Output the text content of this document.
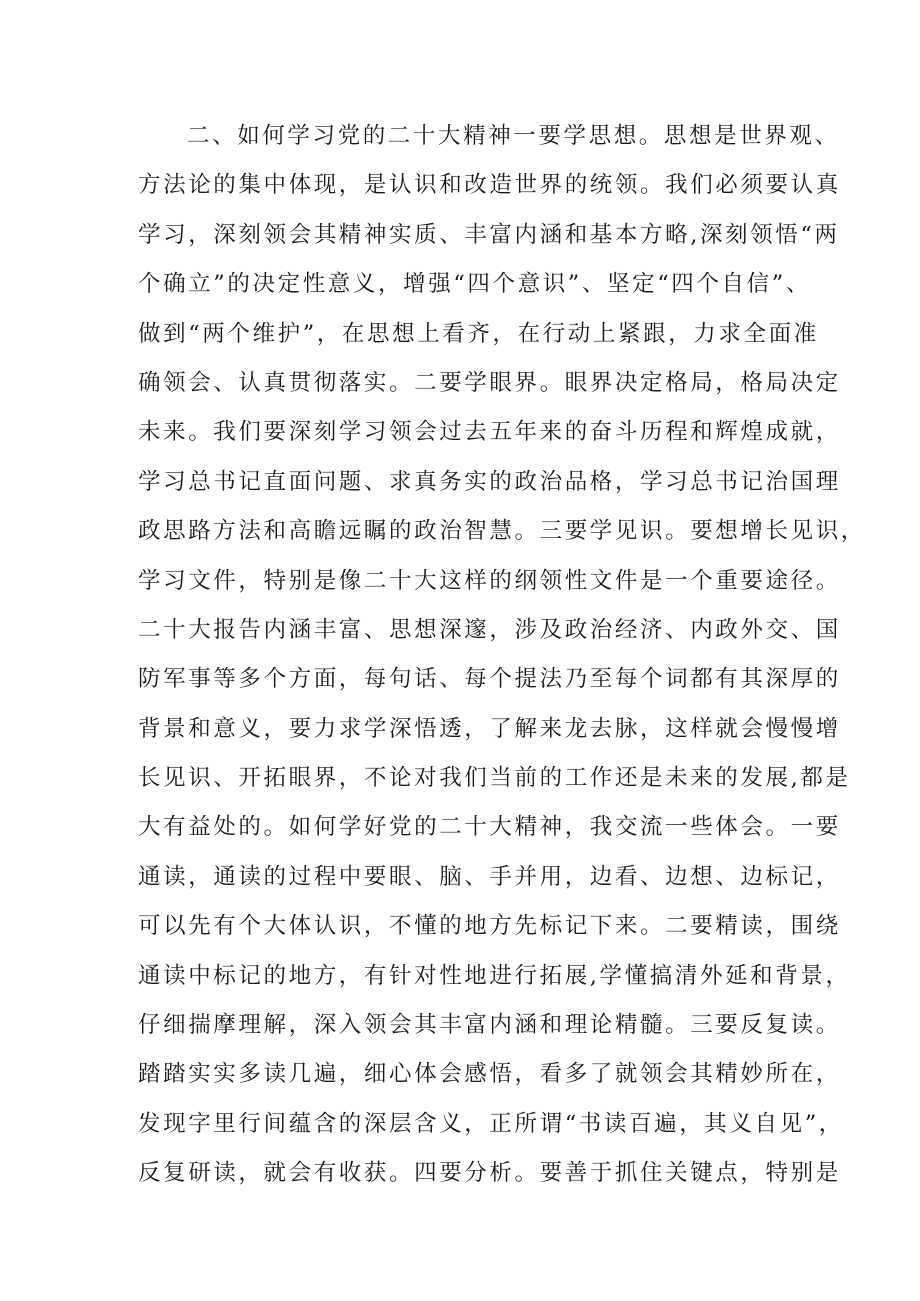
二、如何学习党的二十大精神一要学思想。思想是世界观、
方法论的集中体现，是认识和改造世界的统领。我们必须要认真
学习，深刻领会其精神实质、丰富内涵和基本方略,深刻领悟“两
个确立”的决定性意义，增强“四个意识”、坚定“四个自信”、
做到“两个维护”，在思想上看齐，在行动上紧跟，力求全面准
确领会、认真贯彻落实。二要学眼界。眼界决定格局，格局决定
未来。我们要深刻学习领会过去五年来的奋斗历程和辉煌成就，
学习总书记直面问题、求真务实的政治品格，学习总书记治国理
政思路方法和高瞻远瞩的政治智慧。三要学见识。要想增长见识，
学习文件，特别是像二十大这样的纲领性文件是一个重要途径。
二十大报告内涵丰富、思想深邃，涉及政治经济、内政外交、国
防军事等多个方面，每句话、每个提法乃至每个词都有其深厚的
背景和意义，要力求学深悟透，了解来龙去脉，这样就会慢慢增
长见识、开拓眼界，不论对我们当前的工作还是未来的发展,都是
大有益处的。如何学好党的二十大精神，我交流一些体会。一要
通读，通读的过程中要眼、脑、手并用，边看、边想、边标记，
可以先有个大体认识，不懂的地方先标记下来。二要精读，围绕
通读中标记的地方，有针对性地进行拓展,学懂搞清外延和背景，
仔细揣摩理解，深入领会其丰富内涵和理论精髓。三要反复读。
踏踏实实多读几遍，细心体会感悟，看多了就领会其精妙所在，
发现字里行间蕴含的深层含义，正所谓“书读百遍，其义自见”，
反复研读，就会有收获。四要分析。要善于抓住关键点，特别是
